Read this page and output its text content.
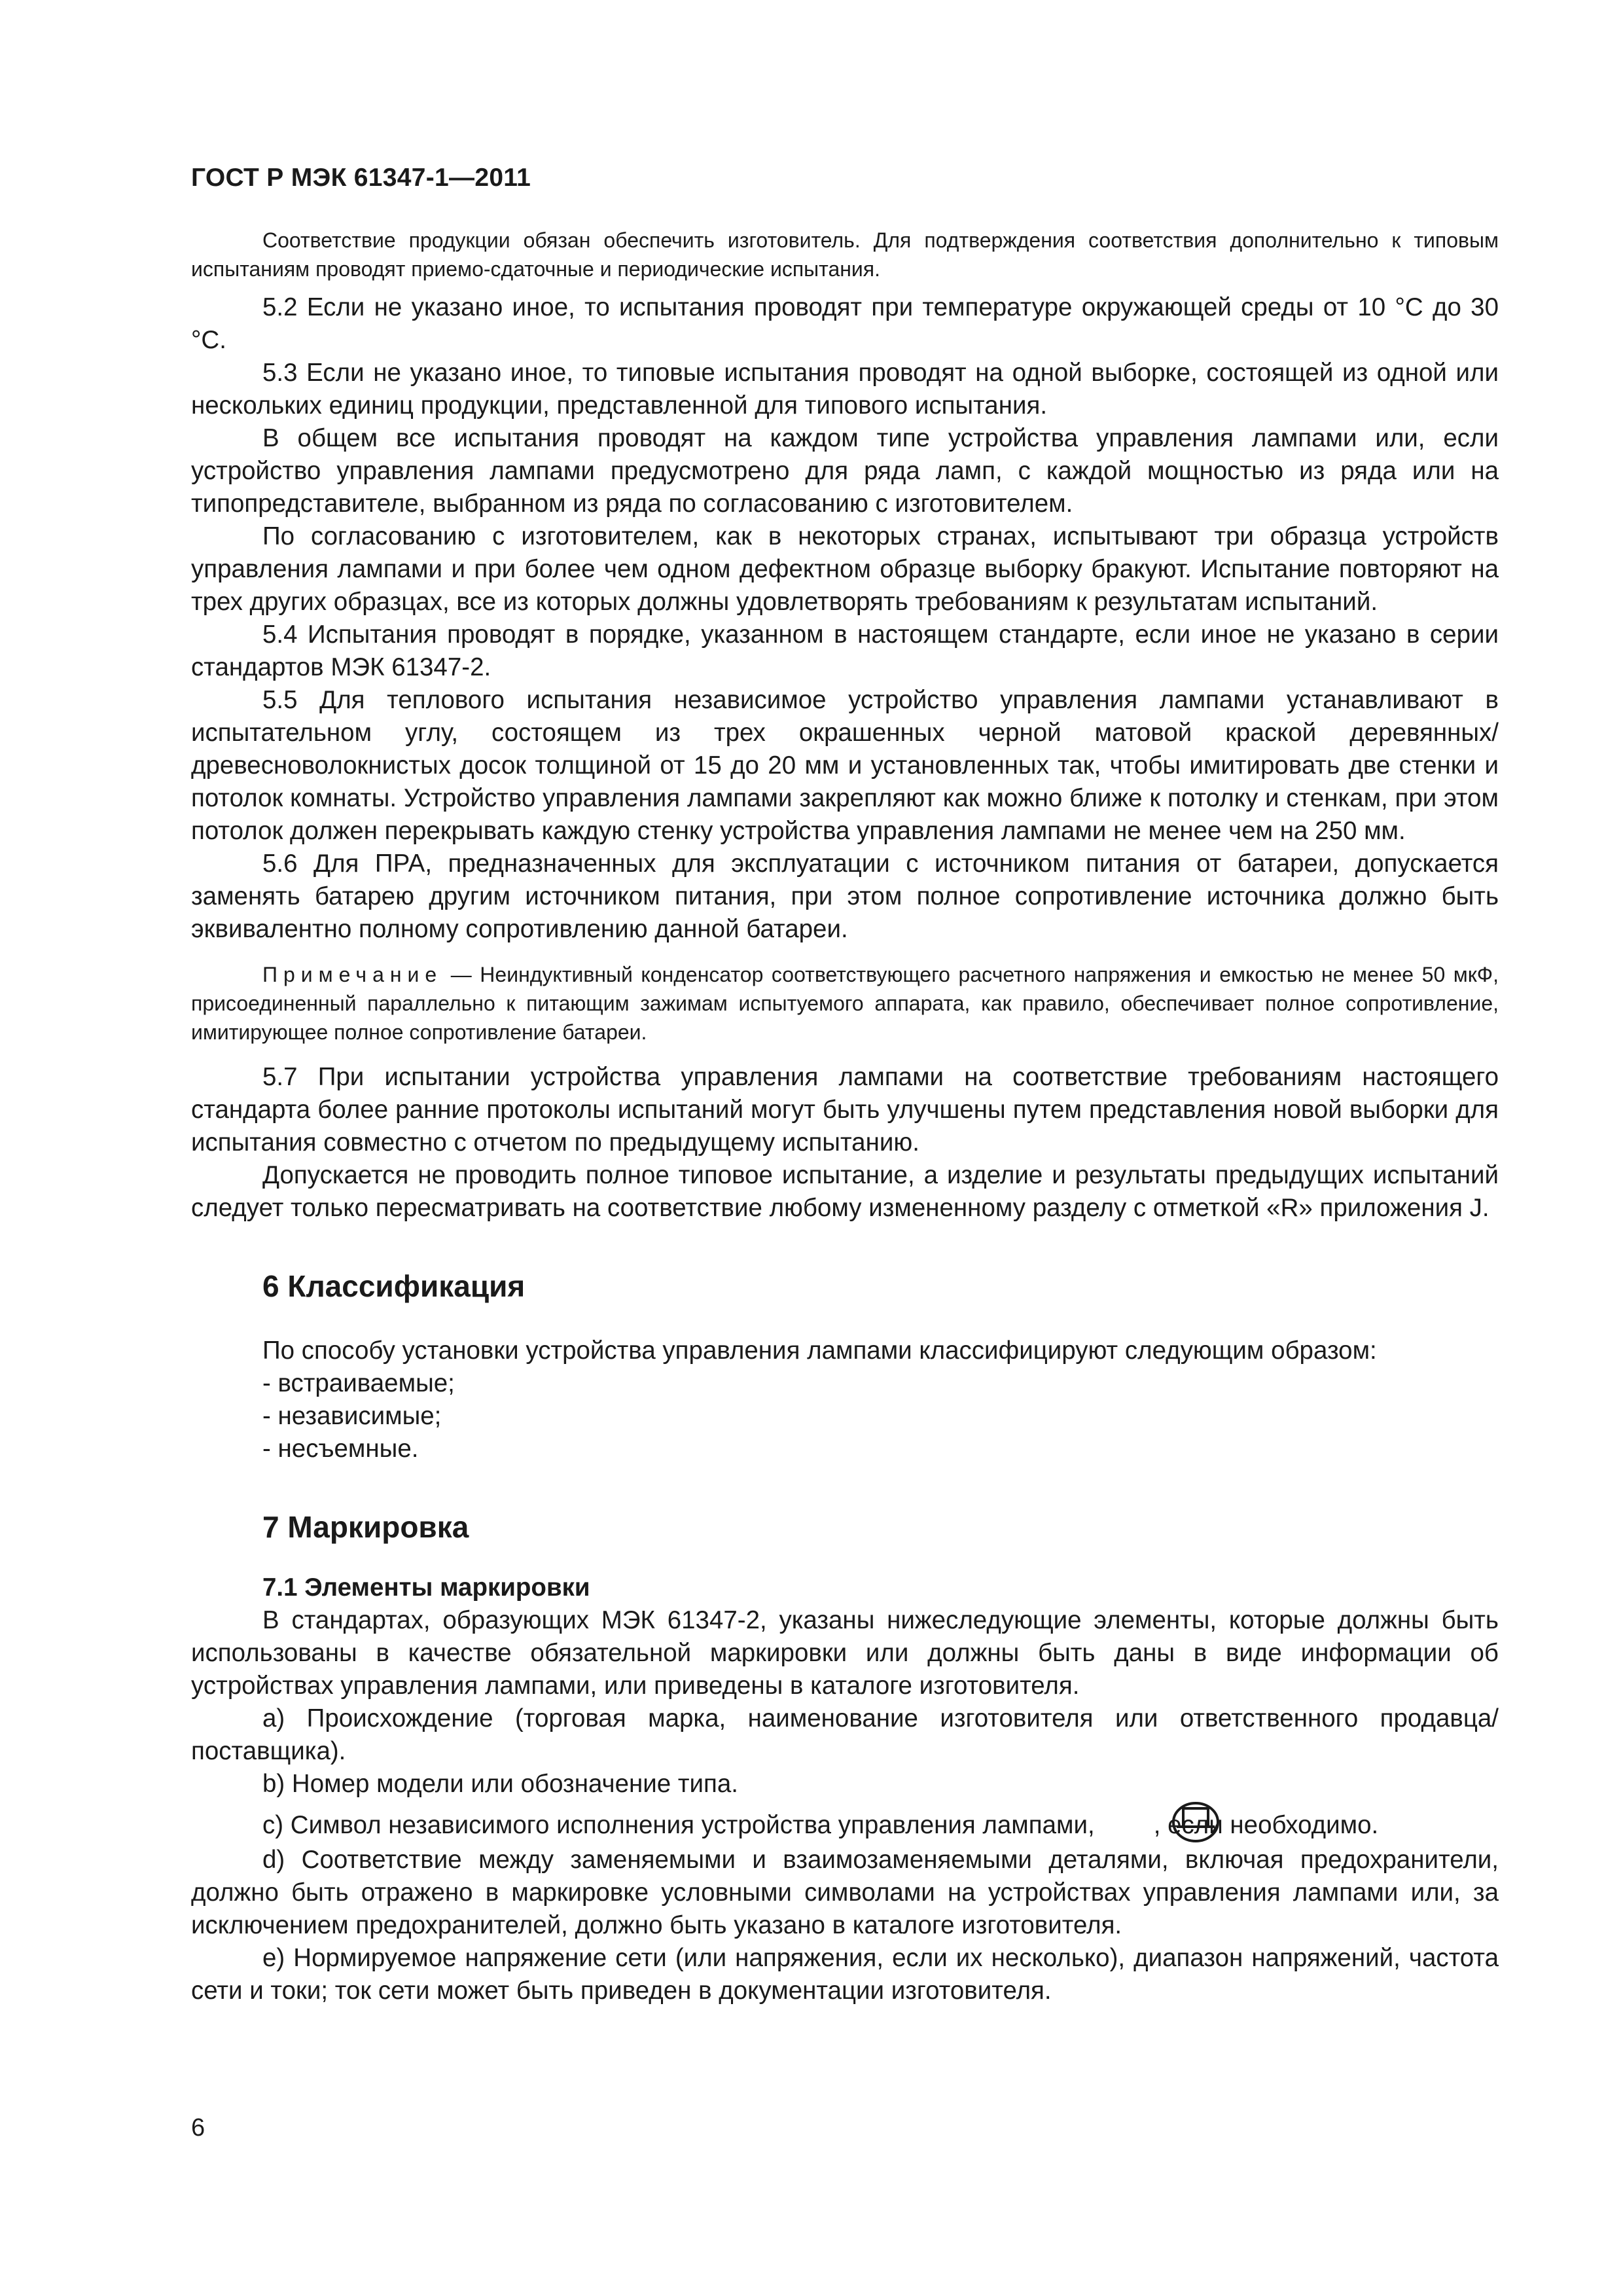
ГОСТ Р МЭК 61347-1—2011

Соответствие продукции обязан обеспечить изготовитель. Для подтверждения соответствия дополнительно к типовым испытаниям проводят приемо-сдаточные и периодические испытания.

5.2 Если не указано иное, то испытания проводят при температуре окружающей среды от 10 °С до 30 °С.

5.3 Если не указано иное, то типовые испытания проводят на одной выборке, состоящей из одной или нескольких единиц продукции, представленной для типового испытания.

В общем все испытания проводят на каждом типе устройства управления лампами или, если устройство управления лампами предусмотрено для ряда ламп, с каждой мощностью из ряда или на типопредставителе, выбранном из ряда по согласованию с изготовителем.

По согласованию с изготовителем, как в некоторых странах, испытывают три образца устройств управления лампами и при более чем одном дефектном образце выборку бракуют. Испытание повторяют на трех других образцах, все из которых должны удовлетворять требованиям к результатам испытаний.

5.4 Испытания проводят в порядке, указанном в настоящем стандарте, если иное не указано в серии стандартов МЭК 61347-2.

5.5 Для теплового испытания независимое устройство управления лампами устанавливают в испытательном углу, состоящем из трех окрашенных черной матовой краской деревянных/древесноволокнистых досок толщиной от 15 до 20 мм и установленных так, чтобы имитировать две стенки и потолок комнаты. Устройство управления лампами закрепляют как можно ближе к потолку и стенкам, при этом потолок должен перекрывать каждую стенку устройства управления лампами не менее чем на 250 мм.

5.6 Для ПРА, предназначенных для эксплуатации с источником питания от батареи, допускается заменять батарею другим источником питания, при этом полное сопротивление источника должно быть эквивалентно полному сопротивлению данной батареи.

Примечание — Неиндуктивный конденсатор соответствующего расчетного напряжения и емкостью не менее 50 мкФ, присоединенный параллельно к питающим зажимам испытуемого аппарата, как правило, обеспечивает полное сопротивление, имитирующее полное сопротивление батареи.

5.7 При испытании устройства управления лампами на соответствие требованиям настоящего стандарта более ранние протоколы испытаний могут быть улучшены путем представления новой выборки для испытания совместно с отчетом по предыдущему испытанию.

Допускается не проводить полное типовое испытание, а изделие и результаты предыдущих испытаний следует только пересматривать на соответствие любому измененному разделу с отметкой «R» приложения J.

6 Классификация

По способу установки устройства управления лампами классифицируют следующим образом:

- встраиваемые;

- независимые;

- несъемные.

7 Маркировка
7.1 Элементы маркировки

В стандартах, образующих МЭК 61347-2, указаны нижеследующие элементы, которые должны быть использованы в качестве обязательной маркировки или должны быть даны в виде информации об устройствах управления лампами, или приведены в каталоге изготовителя.

a) Происхождение (торговая марка, наименование изготовителя или ответственного продавца/поставщика).

b) Номер модели или обозначение типа.

c) Символ независимого исполнения устройства управления лампами, , если необходимо.

d) Соответствие между заменяемыми и взаимозаменяемыми деталями, включая предохранители, должно быть отражено в маркировке условными символами на устройствах управления лампами или, за исключением предохранителей, должно быть указано в каталоге изготовителя.

e) Нормируемое напряжение сети (или напряжения, если их несколько), диапазон напряжений, частота сети и токи; ток сети может быть приведен в документации изготовителя.

6
